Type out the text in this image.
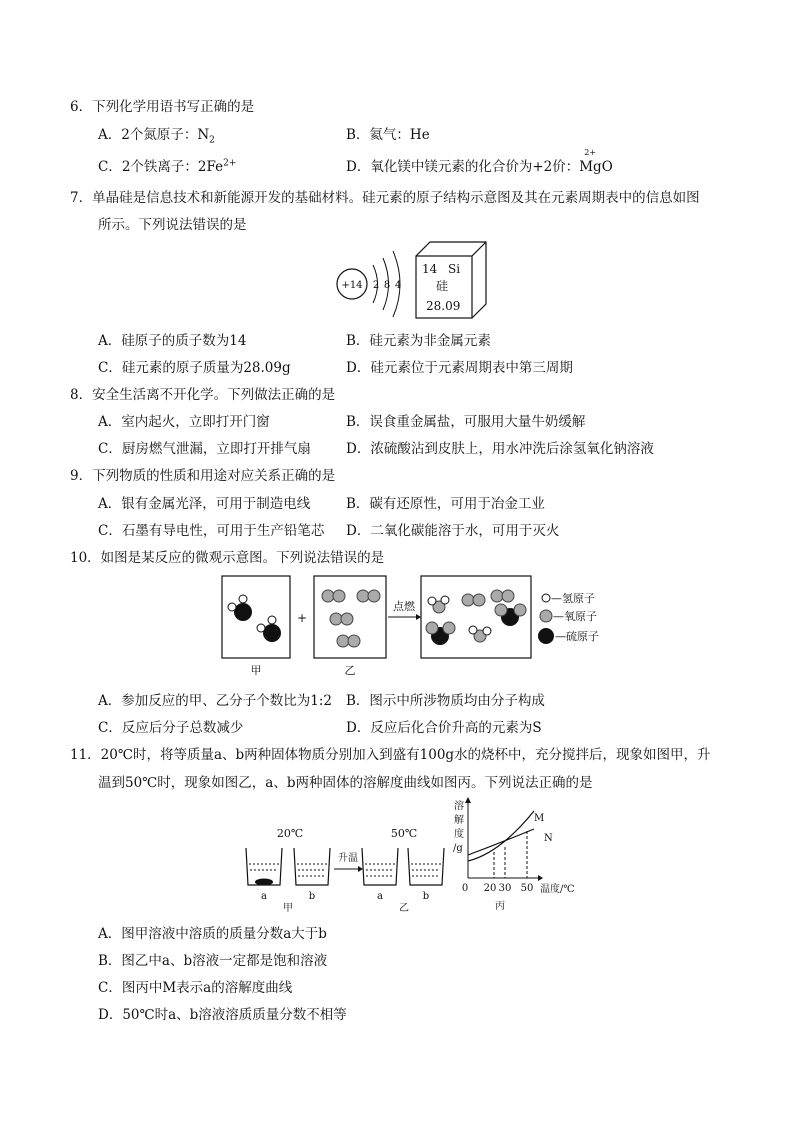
6．下列化学用语书写正确的是
A．2个氮原子：$N_2$	B．氦气：He
C．2个铁离子：$2Fe^{2+}$	D．氧化镁中镁元素的化合价为+2价：
2+
MgO
7．单晶硅是信息技术和新能源开发的基础材料。硅元素的原子结构示意图及其在元素周期表中的信息如图
所示。下列说法错误的是
+14 2 8 4
14 Si
硅
28.09
A．硅原子的质子数为14	B．硅元素为非金属元素
C．硅元素的原子质量为28.09g	D．硅元素位于元素周期表中第三周期
8．安全生活离不开化学。下列做法正确的是
A．室内起火，立即打开门窗	B．误食重金属盐，可服用大量牛奶缓解
C．厨房燃气泄漏，立即打开排气扇	D．浓硫酸沾到皮肤上，用水冲洗后涂氢氧化钠溶液
9．下列物质的性质和用途对应关系正确的是
A．银有金属光泽，可用于制造电线	B．碳有还原性，可用于冶金工业
C．石墨有导电性，可用于生产铅笔芯 D．二氧化碳能溶于水，可用于灭火
10．如图是某反应的微观示意图。下列说法错误的是
甲
+
乙
点燃
—氢原子
—氧原子
—硫原子
A．参加反应的甲、乙分子个数比为1:2 B．图示中所涉物质均由分子构成
C．反应后分子总数减少	D．反应后化合价升高的元素为S
11．20℃时，将等质量a、b两种固体物质分别加入到盛有100g水的烧杯中，充分搅拌后，现象如图甲，升
温到50℃时，现象如图乙，a、b两种固体的溶解度曲线如图丙。下列说法正确的是
20℃	50℃
a	b
甲
升温
a	b
乙
溶
解
度
/g
M
N
0 20 30 50 温度/℃
丙
A．图甲溶液中溶质的质量分数a大于b
B．图乙中a、b溶液一定都是饱和溶液
C．图丙中M表示a的溶解度曲线
D．50℃时a、b溶液溶质质量分数不相等
